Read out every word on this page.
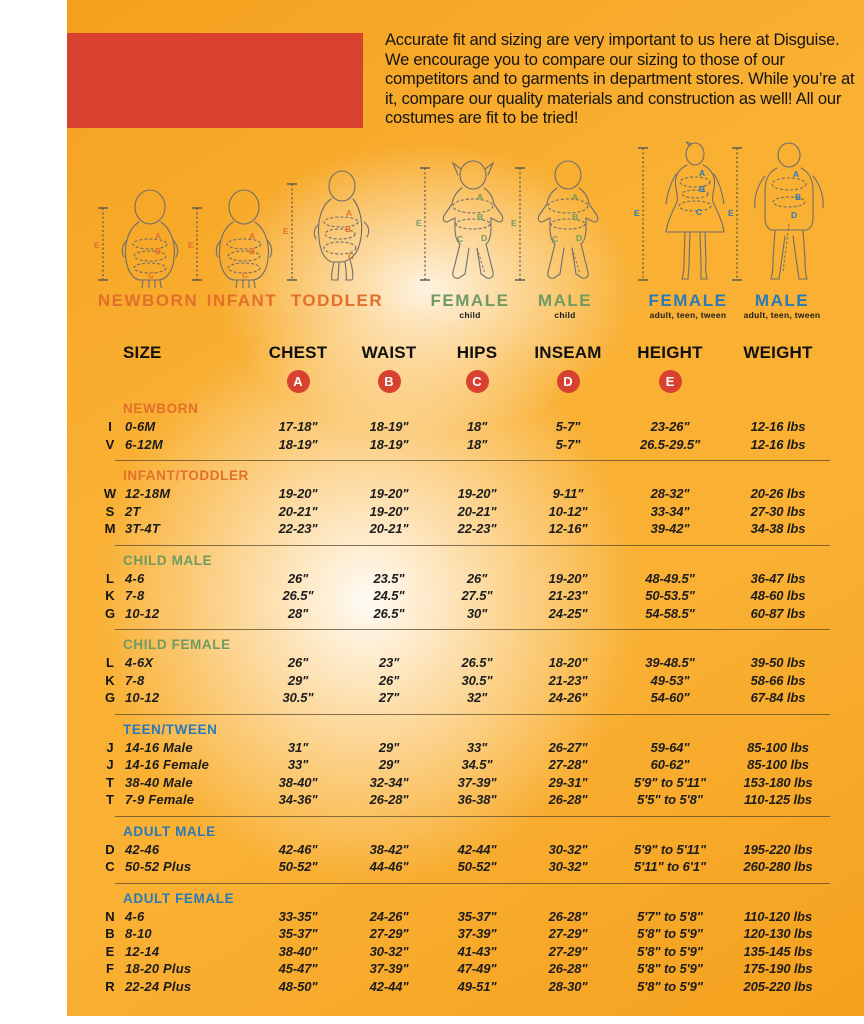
Accurate fit and sizing are very important to us here at Disguise. We encourage you to compare our sizing to those of our competitors and to garments in department stores. While you’re at it, compare our quality materials and construction as well! All our costumes are fit to be tried!
A
B
C
E
NEWBORN
A
B
C
E
INFANT
A
B
C
E
TODDLER
A
B
C D
E
FEMALE
child
A
B
C D
E
MALE
child
A
B
C
E
FEMALE
adult, teen, tween
A
B
D
E
MALE
adult, teen, tween
SIZE	CHEST	WAIST	HIPS	INSEAM	HEIGHT	WEIGHT
A	B	C	D	E
NEWBORN
I	0-6M	17-18"	18-19"	18"	5-7"	23-26"	12-16 lbs
V 6-12M	18-19"	18-19"	18"	5-7"	26.5-29.5"	12-16 lbs
INFANT/TODDLER
W 12-18M	19-20"	19-20"	19-20"	9-11"	28-32"	20-26 lbs
S 2T	20-21"	19-20"	20-21"	10-12"	33-34"	27-30 lbs
M 3T-4T	22-23"	20-21"	22-23"	12-16"	39-42"	34-38 lbs
CHILD MALE
L 4-6	26"	23.5"	26"	19-20"	48-49.5"	36-47 lbs
K 7-8	26.5"	24.5"	27.5"	21-23"	50-53.5"	48-60 lbs
G 10-12	28"	26.5"	30"	24-25"	54-58.5"	60-87 lbs
CHILD FEMALE
L 4-6X	26"	23"	26.5"	18-20"	39-48.5"	39-50 lbs
K 7-8	29"	26"	30.5"	21-23"	49-53"	58-66 lbs
G 10-12	30.5"	27"	32"	24-26"	54-60"	67-84 lbs
TEEN/TWEEN
J 14-16 Male	31"	29"	33"	26-27"	59-64"	85-100 lbs
J 14-16 Female	33"	29"	34.5"	27-28"	60-62"	85-100 lbs
T 38-40 Male	38-40"	32-34"	37-39"	29-31"	5'9" to 5'11"	153-180 lbs
T 7-9 Female	34-36"	26-28"	36-38"	26-28"	5'5" to 5'8"	110-125 lbs
ADULT MALE
D 42-46	42-46"	38-42"	42-44"	30-32"	5'9" to 5'11"	195-220 lbs
C 50-52 Plus	50-52"	44-46"	50-52"	30-32"	5'11" to 6'1"	260-280 lbs
ADULT FEMALE
N 4-6	33-35"	24-26"	35-37"	26-28"	5'7" to 5'8"	110-120 lbs
B 8-10	35-37"	27-29"	37-39"	27-29"	5'8" to 5'9"	120-130 lbs
E 12-14	38-40"	30-32"	41-43"	27-29"	5'8" to 5'9"	135-145 lbs
F 18-20 Plus	45-47"	37-39"	47-49"	26-28"	5'8" to 5'9"	175-190 lbs
R 22-24 Plus	48-50"	42-44"	49-51"	28-30"	5'8" to 5'9"	205-220 lbs
